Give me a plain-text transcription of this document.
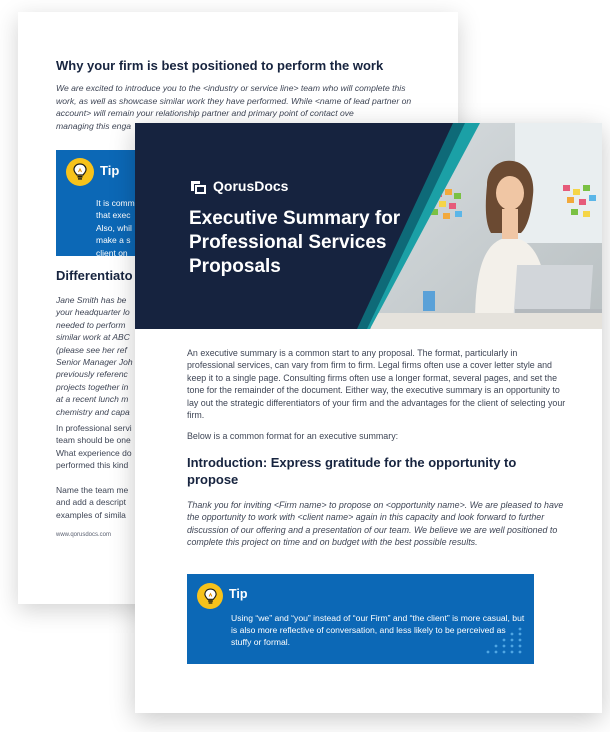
Why your firm is best positioned to perform the work

We are excited to introduce you to the <industry or service line> team who will complete this work, as well as showcase similar work they have performed. While <name of lead partner on account> will remain your relationship partner and primary point of contact ove
managing this enga

Tip

It is comm
that exec
Also, whil
make a s
client on

Differentiato

Jane Smith has be
your headquarter lo
needed to perform
similar work at ABC
(please see her ref
Senior Manager Joh
previously referenc
projects together in
at a recent lunch m
chemistry and capa

In professional servi
team should be one
What experience do
performed this kind

Name the team me
and add a descript
examples of simila

www.qorusdocs.com
QorusDocs
Executive Summary for Professional Services Proposals

An executive summary is a common start to any proposal. The format, particularly in professional services, can vary from firm to firm. Legal firms often use a cover letter style and keep it to a single page. Consulting firms often use a longer format, several pages, and set the tone for the remainder of the document. Either way, the executive summary is an opportunity to lay out the strategic differentiators of your firm and the advantages for the client of selecting your firm.

Below is a common format for an executive summary:

Introduction: Express gratitude for the opportunity to propose

Thank you for inviting <Firm name> to propose on <opportunity name>. We are pleased to have the opportunity to work with <client name> again in this capacity and look forward to further discussion of our offering and a presentation of our team. We believe we are well positioned to complete this project on time and on budget with the best possible results.

Tip

Using “we” and “you” instead of “our Firm” and “the client” is more casual, but is also more reflective of conversation, and less likely to be perceived as stuffy or formal.
